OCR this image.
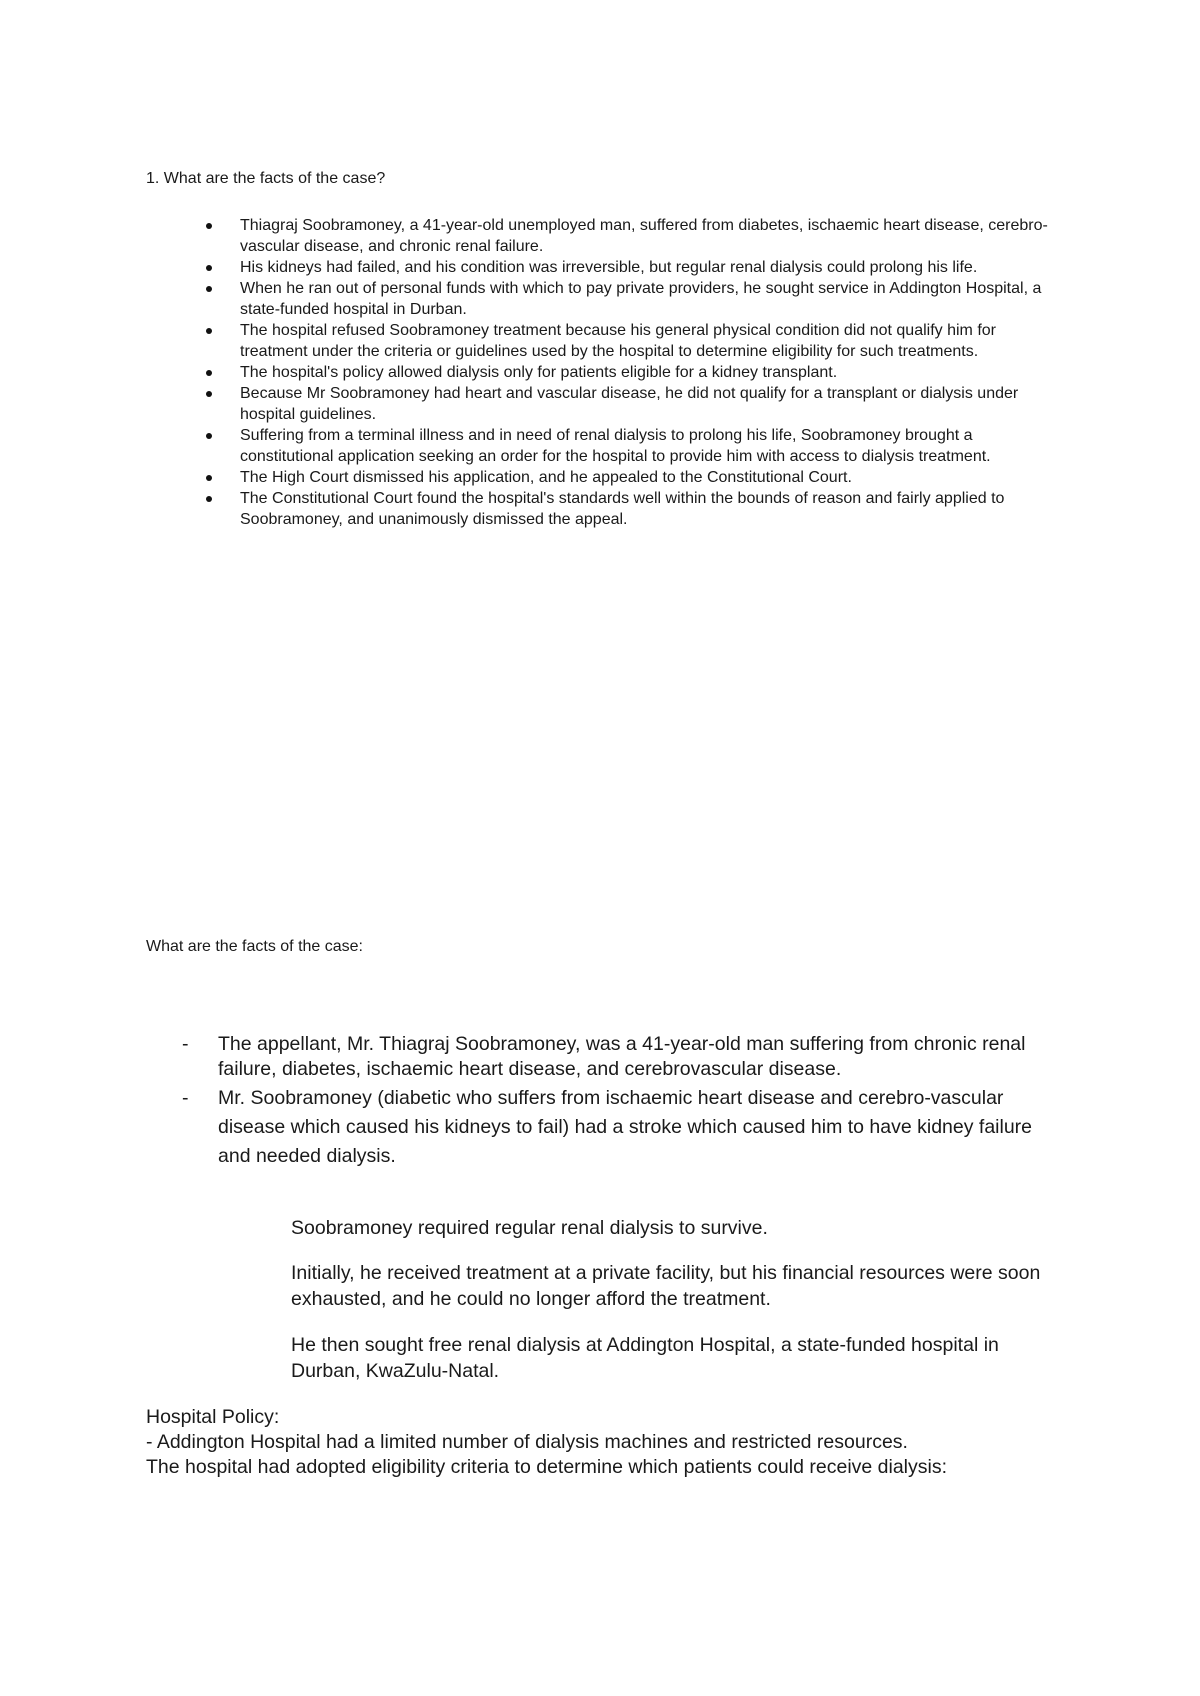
1. What are the facts of the case?

Thiagraj Soobramoney, a 41-year-old unemployed man, suffered from diabetes, ischaemic heart disease, cerebro-vascular disease, and chronic renal failure.
His kidneys had failed, and his condition was irreversible, but regular renal dialysis could prolong his life.
When he ran out of personal funds with which to pay private providers, he sought service in Addington Hospital, a state-funded hospital in Durban.
The hospital refused Soobramoney treatment because his general physical condition did not qualify him for treatment under the criteria or guidelines used by the hospital to determine eligibility for such treatments.
The hospital's policy allowed dialysis only for patients eligible for a kidney transplant.
Because Mr Soobramoney had heart and vascular disease, he did not qualify for a transplant or dialysis under hospital guidelines.
Suffering from a terminal illness and in need of renal dialysis to prolong his life, Soobramoney brought a constitutional application seeking an order for the hospital to provide him with access to dialysis treatment.
The High Court dismissed his application, and he appealed to the Constitutional Court.
The Constitutional Court found the hospital's standards well within the bounds of reason and fairly applied to Soobramoney, and unanimously dismissed the appeal.

What are the facts of the case:

- The appellant, Mr. Thiagraj Soobramoney, was a 41-year-old man suffering from chronic renal failure, diabetes, ischaemic heart disease, and cerebrovascular disease.
- Mr. Soobramoney (diabetic who suffers from ischaemic heart disease and cerebro-vascular disease which caused his kidneys to fail) had a stroke which caused him to have kidney failure and needed dialysis.

Soobramoney required regular renal dialysis to survive.

Initially, he received treatment at a private facility, but his financial resources were soon exhausted, and he could no longer afford the treatment.

He then sought free renal dialysis at Addington Hospital, a state-funded hospital in Durban, KwaZulu-Natal.

Hospital Policy:
- Addington Hospital had a limited number of dialysis machines and restricted resources.
The hospital had adopted eligibility criteria to determine which patients could receive dialysis:
